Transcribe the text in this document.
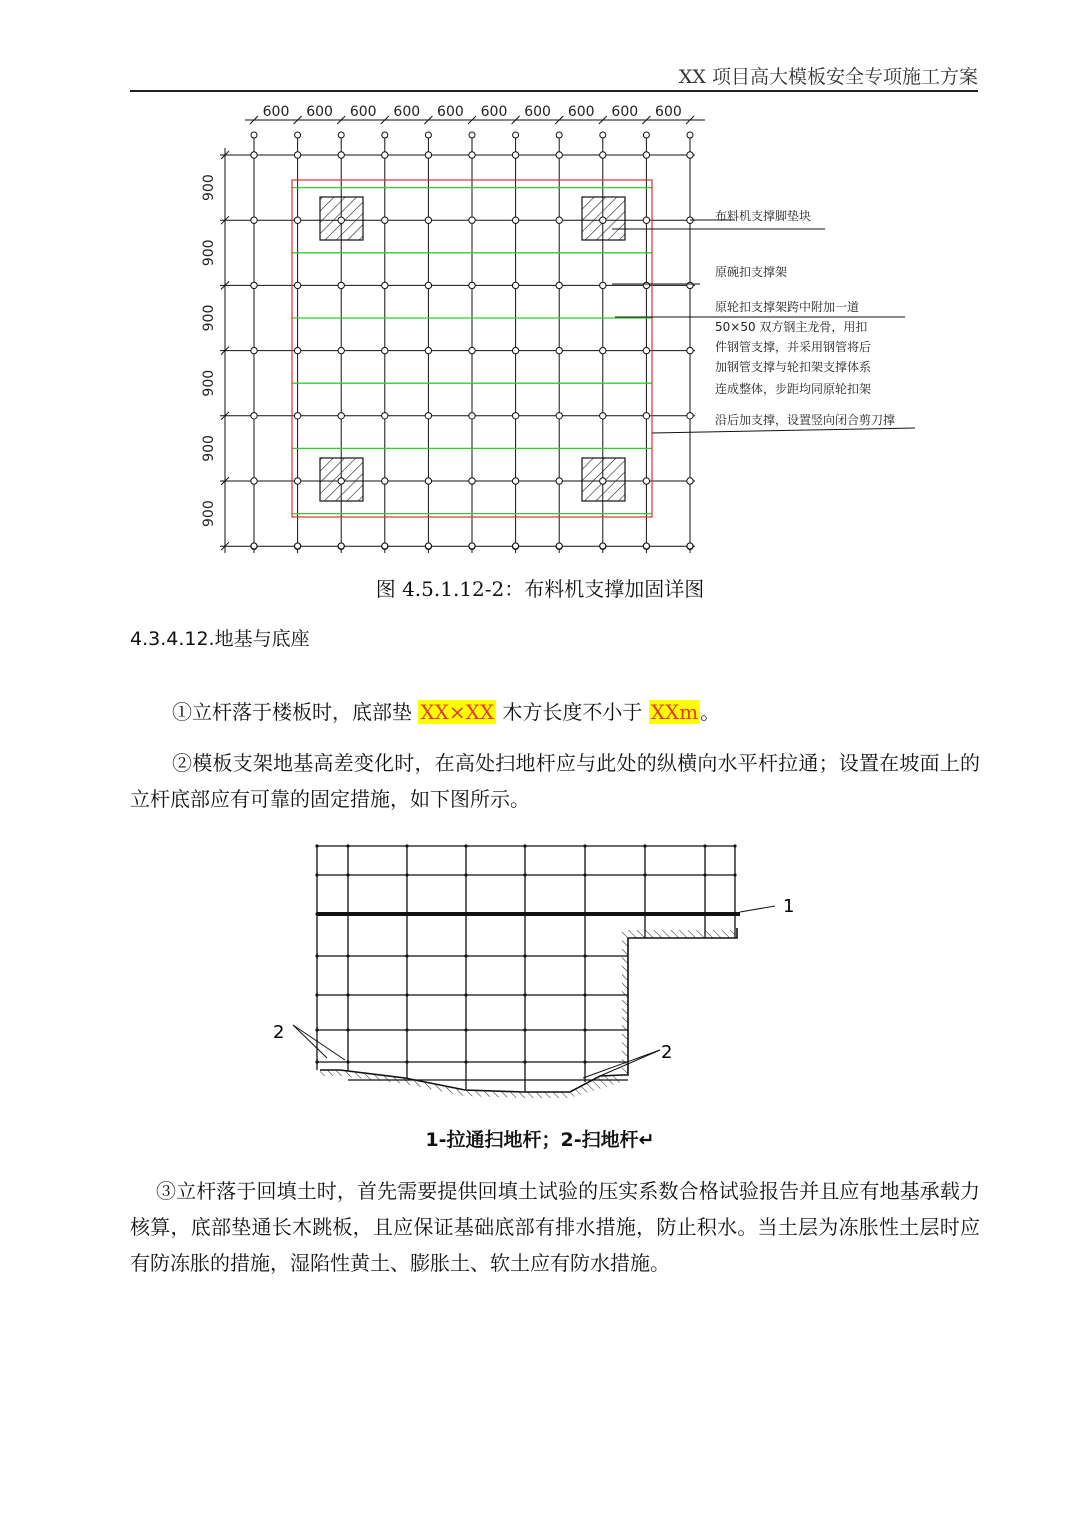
XX 项目高大模板安全专项施工方案
600 600 600 600 600 600 600 600 600 600
900
900
900
900
900
900
布料机支撑脚垫块
原碗扣支撑架
原轮扣支撑架跨中附加一道
50×50 双方钢主龙骨，用扣
件钢管支撑，并采用钢管将后
加钢管支撑与轮扣架支撑体系
连成整体，步距均同原轮扣架
沿后加支撑，设置竖向闭合剪刀撑
图 4.5.1.12-2：布料机支撑加固详图
4.3.4.12.地基与底座
①立杆落于楼板时，底部垫 XX×XX 木方长度不小于 XXm 。
②模板支架地基高差变化时，在高处扫地杆应与此处的纵横向水平杆拉通；设置在坡面上的立杆底部应有可靠的固定措施，如下图所示。
1
2
2
1-拉通扫地杆；2-扫地杆↵
③立杆落于回填土时，首先需要提供回填土试验的压实系数合格试验报告并且应有地基承载力核算，底部垫通长木跳板，且应保证基础底部有排水措施，防止积水。当土层为冻胀性土层时应有防冻胀的措施，湿陷性黄土、膨胀土、软土应有防水措施。
